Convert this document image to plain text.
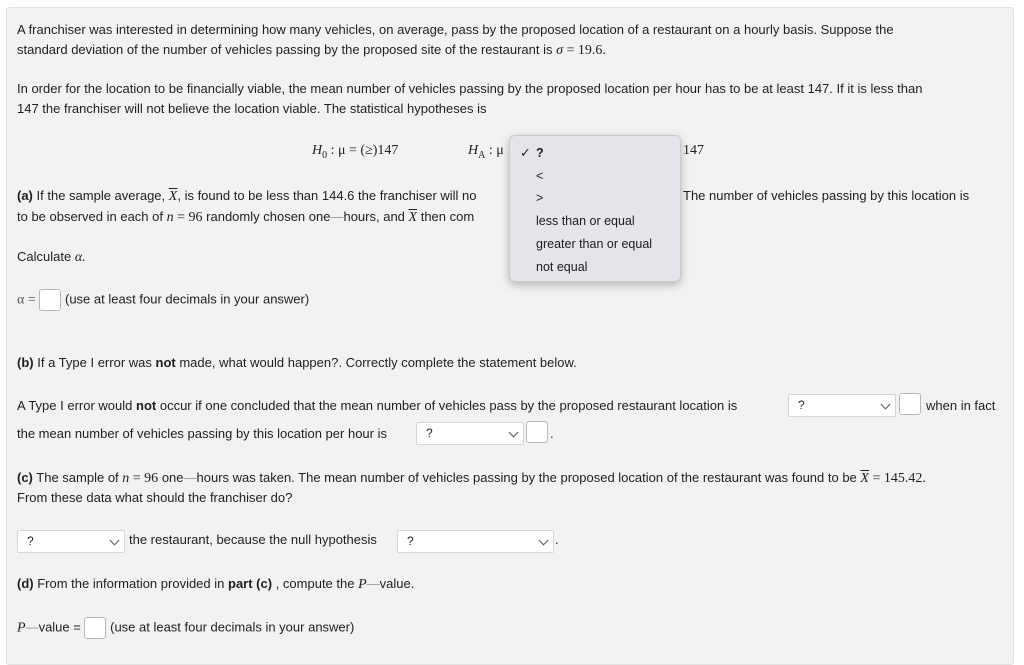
A franchiser was interested in determining how many vehicles, on average, pass by the proposed location of a restaurant on a hourly basis. Suppose the
standard deviation of the number of vehicles passing by the proposed site of the restaurant is σ = 19.6.
In order for the location to be financially viable, the mean number of vehicles passing by the proposed location per hour has to be at least 147. If it is less than
147 the franchiser will not believe the location viable. The statistical hypotheses is
$H_0$ : μ = (≥)147	$H_A$ : μ	147
(a) If the sample average, $\overline{X}$, is found to be less than 144.6 the franchiser will no	The number of vehicles passing by this location is
to be observed in each of n = 96 randomly chosen one—hours, and $\overline{X}$ then com
Calculate α.
α = (use at least four decimals in your answer)
✓ ?
<
>
less than or equal
greater than or equal
not equal
(b) If a Type I error was not made, what would happen?. Correctly complete the statement below.
A Type I error would not occur if one concluded that the mean number of vehicles pass by the proposed restaurant location is	?	when in fact
the mean number of vehicles passing by this location per hour is	?	.
(c) The sample of n = 96 one—hours was taken. The mean number of vehicles passing by the proposed location of the restaurant was found to be $\overline{X} = 145.42$.
From these data what should the franchiser do?
?	the restaurant, because the null hypothesis	?	.
(d) From the information provided in part (c) , compute the P—value.
P—value = (use at least four decimals in your answer)
